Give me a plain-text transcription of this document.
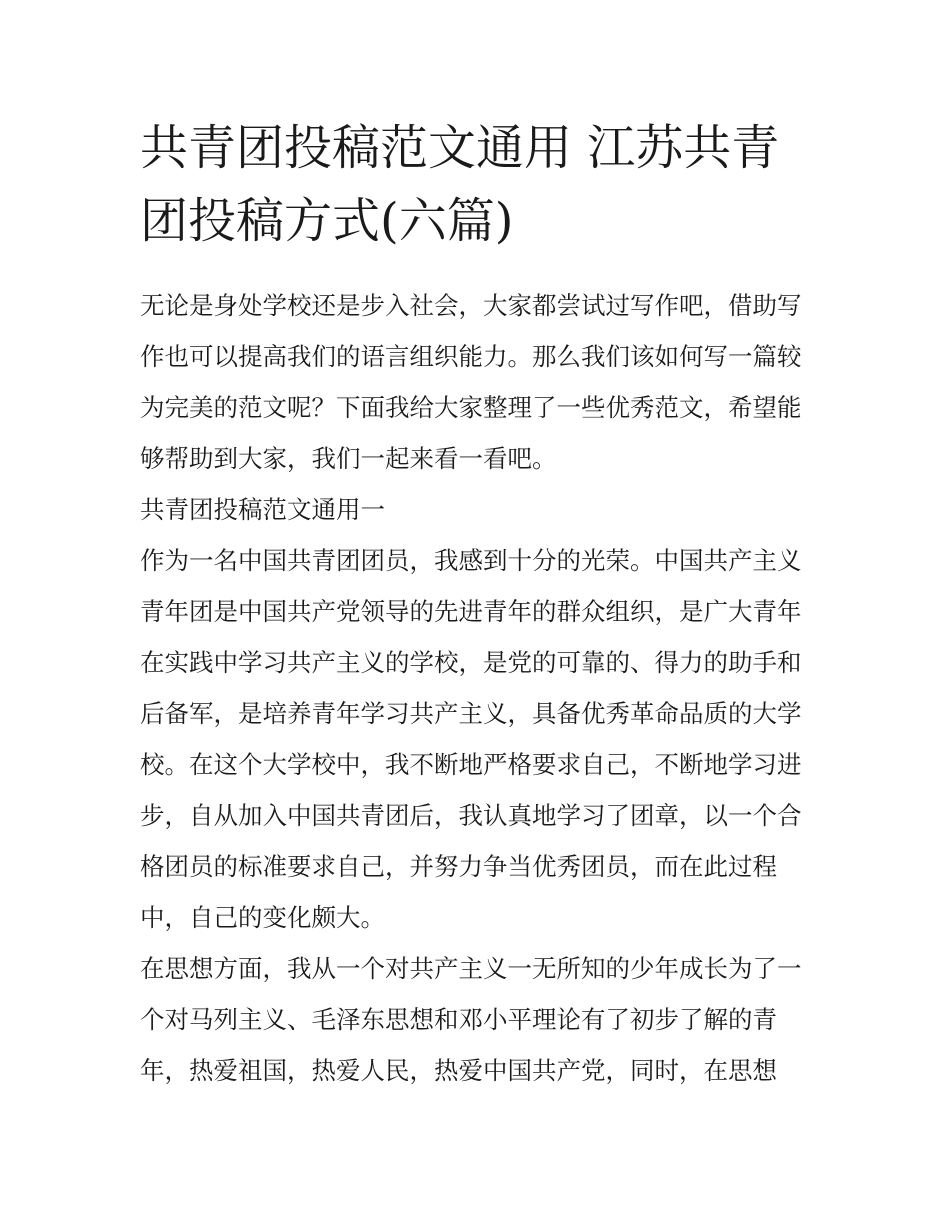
共青团投稿范文通用 江苏共青团投稿方式(六篇)

无论是身处学校还是步入社会，大家都尝试过写作吧，借助写作也可以提高我们的语言组织能力。那么我们该如何写一篇较为完美的范文呢？下面我给大家整理了一些优秀范文，希望能够帮助到大家，我们一起来看一看吧。

共青团投稿范文通用一

作为一名中国共青团团员，我感到十分的光荣。中国共产主义青年团是中国共产党领导的先进青年的群众组织，是广大青年在实践中学习共产主义的学校，是党的可靠的、得力的助手和后备军，是培养青年学习共产主义，具备优秀革命品质的大学校。在这个大学校中，我不断地严格要求自己，不断地学习进步，自从加入中国共青团后，我认真地学习了团章，以一个合格团员的标准要求自己，并努力争当优秀团员，而在此过程中，自己的变化颇大。

在思想方面，我从一个对共产主义一无所知的少年成长为了一个对马列主义、毛泽东思想和邓小平理论有了初步了解的青年，热爱祖国，热爱人民，热爱中国共产党，同时，在思想
